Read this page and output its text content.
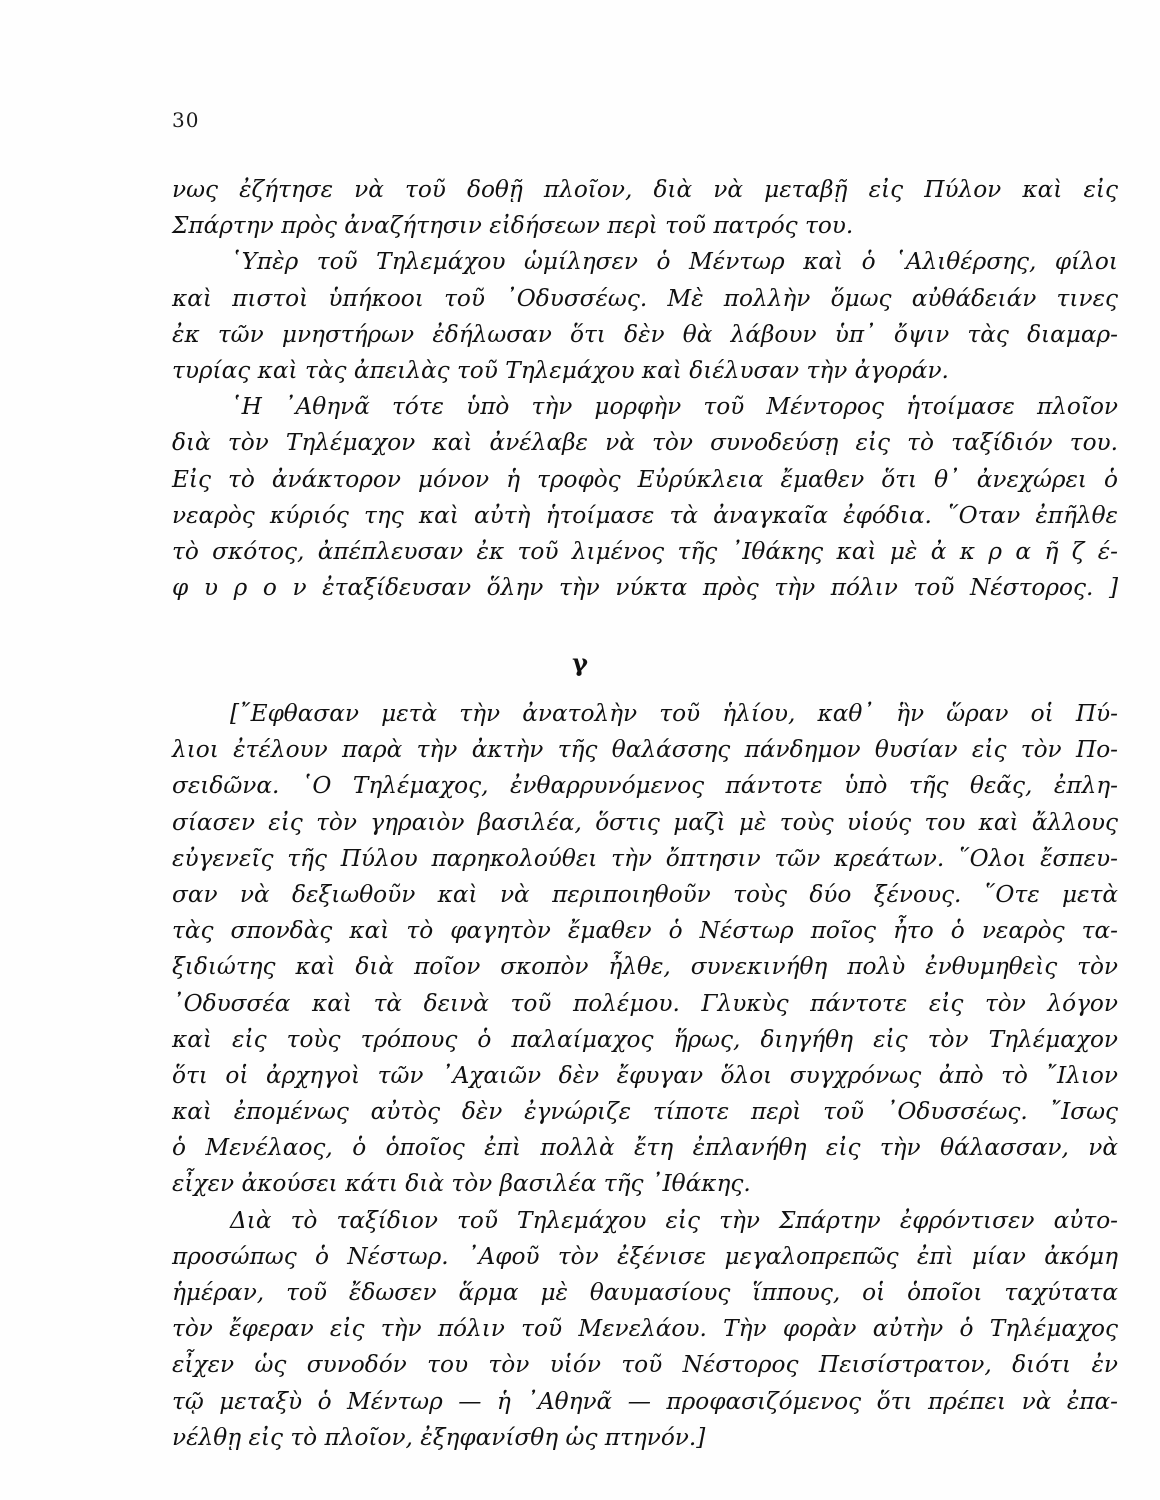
30
νως ἐζήτησε νὰ τοῦ δοθῇ πλοῖον, διὰ νὰ μεταβῇ εἰς Πύλον καὶ εἰς
Σπάρτην πρὸς ἀναζήτησιν εἰδήσεων περὶ τοῦ πατρός του.
῾Υπὲρ τοῦ Τηλεμάχου ὡμίλησεν ὁ Μέντωρ καὶ ὁ ῾Αλιθέρσης, φίλοι
καὶ πιστοὶ ὑπήκοοι τοῦ ᾿Οδυσσέως. Μὲ πολλὴν ὅμως αὐθάδειάν τινες
ἐκ τῶν μνηστήρων ἐδήλωσαν ὅτι δὲν θὰ λάβουν ὑπ᾿ ὄψιν τὰς διαμαρ-
τυρίας καὶ τὰς ἀπειλὰς τοῦ Τηλεμάχου καὶ διέλυσαν τὴν ἀγοράν.
῾Η ᾿Αθηνᾶ τότε ὑπὸ τὴν μορφὴν τοῦ Μέντορος ἡτοίμασε πλοῖον
διὰ τὸν Τηλέμαχον καὶ ἀνέλαβε νὰ τὸν συνοδεύσῃ εἰς τὸ ταξίδιόν του.
Εἰς τὸ ἀνάκτορον μόνον ἡ τροφὸς Εὐρύκλεια ἔμαθεν ὅτι θ᾿ ἀνεχώρει ὁ
νεαρὸς κύριός της καὶ αὐτὴ ἡτοίμασε τὰ ἀναγκαῖα ἐφόδια. ῞Οταν ἐπῆλθε
τὸ σκότος, ἀπέπλευσαν ἐκ τοῦ λιμένος τῆς ᾿Ιθάκης καὶ μὲ ἀ κ ρ α ῆ ζ έ-
φ υ ρ ο ν ἐταξίδευσαν ὅλην τὴν νύκτα πρὸς τὴν πόλιν τοῦ Νέστορος. ]
γ
[῎Εφθασαν μετὰ τὴν ἀνατολὴν τοῦ ἡλίου, καθ᾿ ἣν ὥραν οἱ Πύ-
λιοι ἐτέλουν παρὰ τὴν ἀκτὴν τῆς θαλάσσης πάνδημον θυσίαν εἰς τὸν Πο-
σειδῶνα. ῾Ο Τηλέμαχος, ἐνθαρρυνόμενος πάντοτε ὑπὸ τῆς θεᾶς, ἐπλη-
σίασεν εἰς τὸν γηραιὸν βασιλέα, ὅστις μαζὶ μὲ τοὺς υἱούς του καὶ ἄλλους
εὐγενεῖς τῆς Πύλου παρηκολούθει τὴν ὄπτησιν τῶν κρεάτων. ῞Ολοι ἔσπευ-
σαν νὰ δεξιωθοῦν καὶ νὰ περιποιηθοῦν τοὺς δύο ξένους. ῞Οτε μετὰ
τὰς σπονδὰς καὶ τὸ φαγητὸν ἔμαθεν ὁ Νέστωρ ποῖος ἦτο ὁ νεαρὸς τα-
ξιδιώτης καὶ διὰ ποῖον σκοπὸν ἦλθε, συνεκινήθη πολὺ ἐνθυμηθεὶς τὸν
᾿Οδυσσέα καὶ τὰ δεινὰ τοῦ πολέμου. Γλυκὺς πάντοτε εἰς τὸν λόγον
καὶ εἰς τοὺς τρόπους ὁ παλαίμαχος ἥρως, διηγήθη εἰς τὸν Τηλέμαχον
ὅτι οἱ ἀρχηγοὶ τῶν ᾿Αχαιῶν δὲν ἔφυγαν ὅλοι συγχρόνως ἀπὸ τὸ ῎Ιλιον
καὶ ἐπομένως αὐτὸς δὲν ἐγνώριζε τίποτε περὶ τοῦ ᾿Οδυσσέως. ῎Ισως
ὁ Μενέλαος, ὁ ὁποῖος ἐπὶ πολλὰ ἔτη ἐπλανήθη εἰς τὴν θάλασσαν, νὰ
εἶχεν ἀκούσει κάτι διὰ τὸν βασιλέα τῆς ᾿Ιθάκης.
Διὰ τὸ ταξίδιον τοῦ Τηλεμάχου εἰς τὴν Σπάρτην ἐφρόντισεν αὐτο-
προσώπως ὁ Νέστωρ. ᾿Αφοῦ τὸν ἐξένισε μεγαλοπρεπῶς ἐπὶ μίαν ἀκόμη
ἡμέραν, τοῦ ἔδωσεν ἅρμα μὲ θαυμασίους ἵππους, οἱ ὁποῖοι ταχύτατα
τὸν ἔφεραν εἰς τὴν πόλιν τοῦ Μενελάου. Τὴν φορὰν αὐτὴν ὁ Τηλέμαχος
εἶχεν ὡς συνοδόν του τὸν υἱόν τοῦ Νέστορος Πεισίστρατον, διότι ἐν
τῷ μεταξὺ ὁ Μέντωρ — ἡ ᾿Αθηνᾶ — προφασιζόμενος ὅτι πρέπει νὰ ἐπα-
νέλθῃ εἰς τὸ πλοῖον, ἐξηφανίσθη ὡς πτηνόν.]
